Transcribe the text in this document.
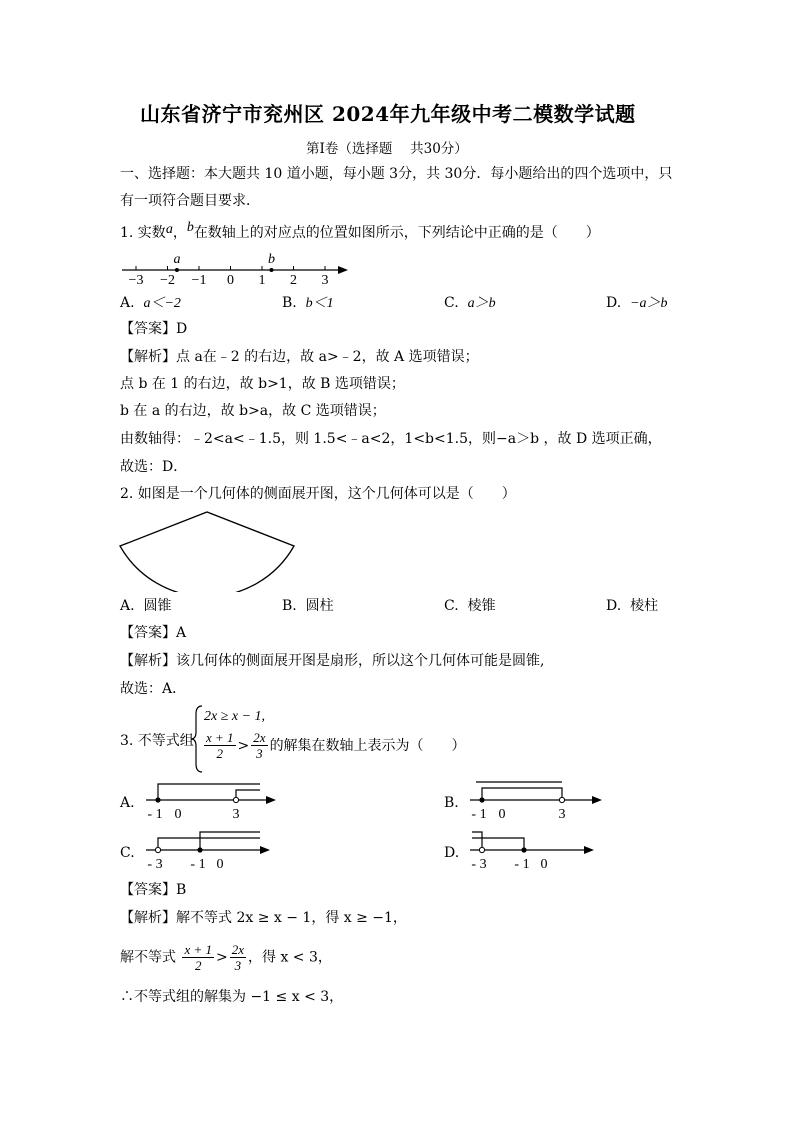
山东省济宁市兖州区 2024年九年级中考二模数学试题
第Ⅰ卷（选择题　 共30分）
一、选择题：本大题共 10 道小题，每小题 3分，共 30分．每小题给出的四个选项中，只
有一项符合题目要求．
1. 实数a，b在数轴上的对应点的位置如图所示，下列结论中正确的是（　　）
−3 −2 −1 0 1 2 3
a	b
A. a＜−2	B. b＜1	C. a＞b	D. −a＞b
【答案】D
【解析】点 a在﹣2 的右边，故 a>﹣2，故 A 选项错误；
点 b 在 1 的右边，故 b>1，故 B 选项错误；
b 在 a 的右边，故 b>a，故 C 选项错误；
由数轴得：﹣2<a<﹣1.5，则 1.5<﹣a<2，1<b<1.5，则−a＞b ，故 D 选项正确，
故选：D．
2. 如图是一个几何体的侧面展开图，这个几何体可以是（　　）
A. 圆锥	B. 圆柱	C. 棱锥	D. 棱柱
【答案】A
【解析】该几何体的侧面展开图是扇形，所以这个几何体可能是圆锥,
故选：A．
3. 不等式组
2x ≥ x − 1,
$\frac{x + 1}{2} > \frac{2x}{3}$ 的解集在数轴上表示为（　　）
A.
- 1 0	3
B.
- 1 0	3
C.
- 3 - 1 0
D.
- 3 - 1 0
【答案】B
【解析】解不等式 2x ≥ x − 1，得 x ≥ −1，
解不等式 $\frac{x + 1}{2} > \frac{2x}{3}$ ，得 x < 3，
∴不等式组的解集为 −1 ≤ x < 3，
